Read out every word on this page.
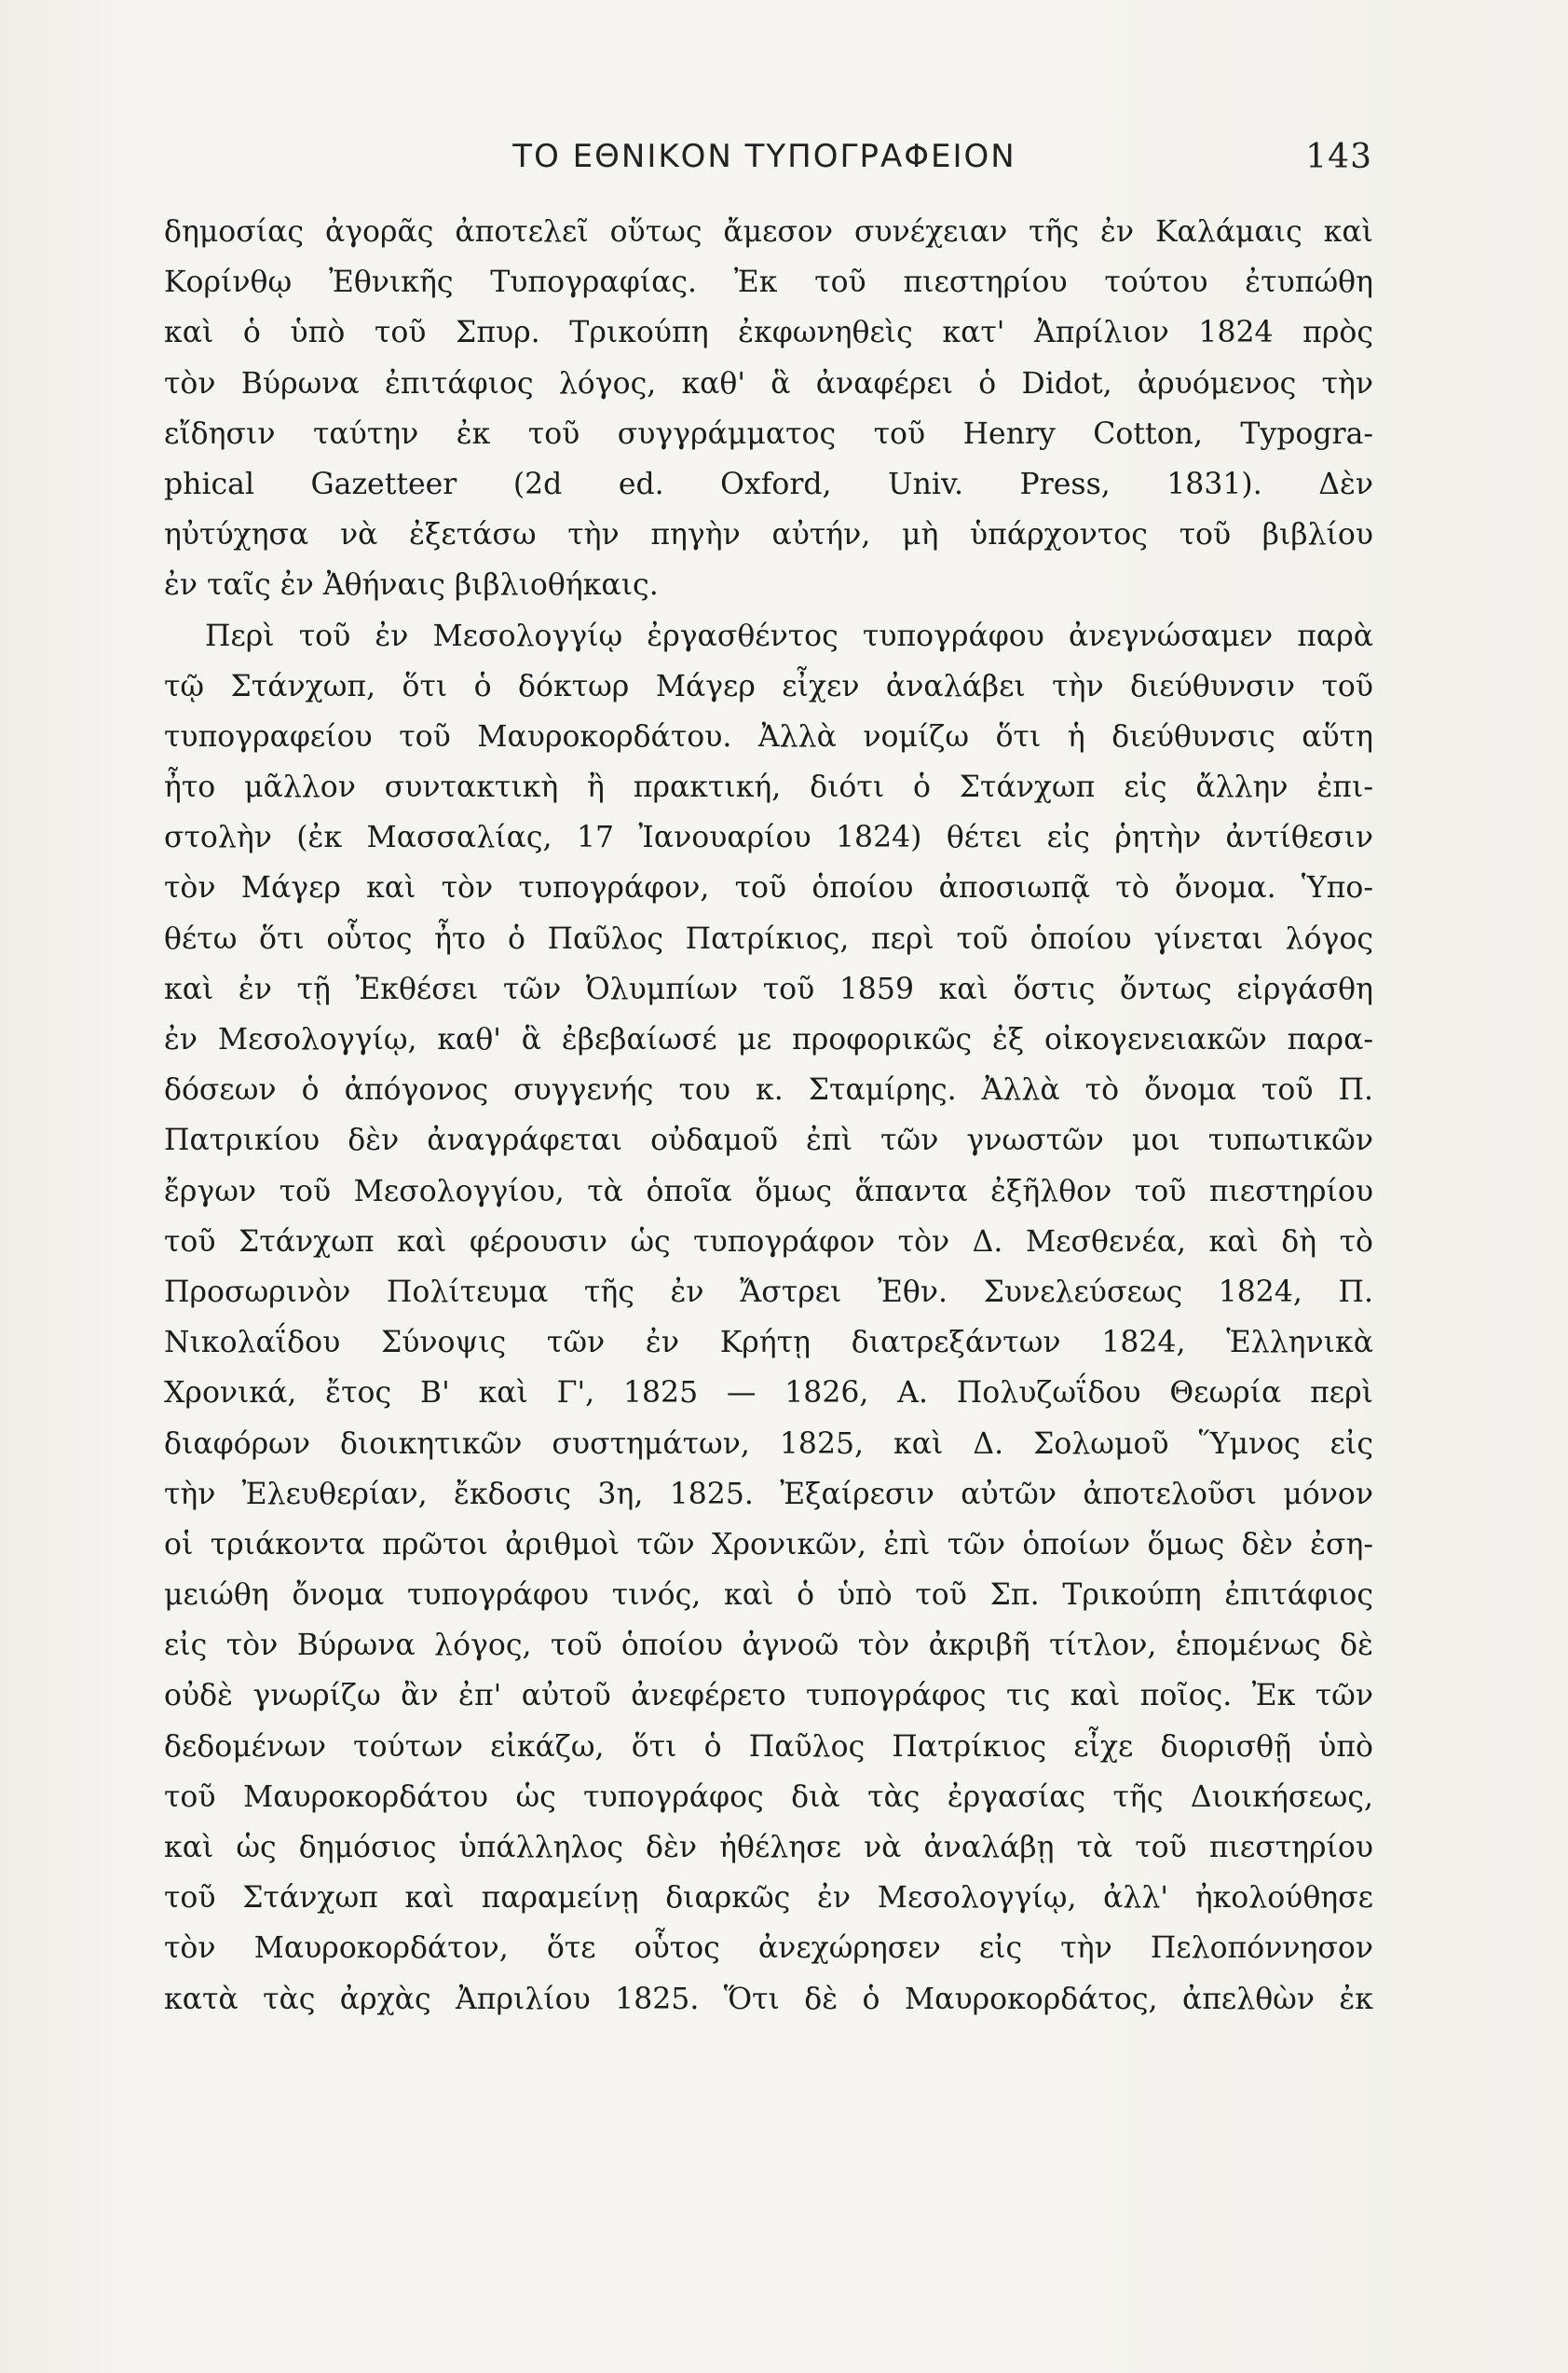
ΤΟ ΕΘΝΙΚΟΝ ΤΥΠΟΓΡΑΦΕΙΟΝ	143
δημοσίας ἀγορᾶς ἀποτελεῖ οὕτως ἄμεσον συνέχειαν τῆς ἐν Καλάμαις καὶ
Κορίνθῳ Ἐθνικῆς Τυπογραφίας. Ἐκ τοῦ πιεστηρίου τούτου ἐτυπώθη
καὶ ὁ ὑπὸ τοῦ Σπυρ. Τρικούπη ἐκφωνηθεὶς κατ' Ἀπρίλιον 1824 πρὸς
τὸν Βύρωνα ἐπιτάφιος λόγος, καθ' ἃ ἀναφέρει ὁ Didot, ἀρυόμενος τὴν
εἴδησιν ταύτην ἐκ τοῦ συγγράμματος τοῦ Henry Cotton, Typogra-
phical Gazetteer (2d ed. Oxford, Univ. Press, 1831). Δὲν
ηὐτύχησα νὰ ἐξετάσω τὴν πηγὴν αὐτήν, μὴ ὑπάρχοντος τοῦ βιβλίου
ἐν ταῖς ἐν Ἀθήναις βιβλιοθήκαις.
Περὶ τοῦ ἐν Μεσολογγίῳ ἐργασθέντος τυπογράφου ἀνεγνώσαμεν παρὰ
τῷ Στάνχωπ, ὅτι ὁ δόκτωρ Μάγερ εἶχεν ἀναλάβει τὴν διεύθυνσιν τοῦ
τυπογραφείου τοῦ Μαυροκορδάτου. Ἀλλὰ νομίζω ὅτι ἡ διεύθυνσις αὕτη
ἦτο μᾶλλον συντακτικὴ ἢ πρακτική, διότι ὁ Στάνχωπ εἰς ἄλλην ἐπι-
στολὴν (ἐκ Μασσαλίας, 17 Ἰανουαρίου 1824) θέτει εἰς ῥητὴν ἀντίθεσιν
τὸν Μάγερ καὶ τὸν τυπογράφον, τοῦ ὁποίου ἀποσιωπᾷ τὸ ὄνομα. Ὑπο-
θέτω ὅτι οὗτος ἦτο ὁ Παῦλος Πατρίκιος, περὶ τοῦ ὁποίου γίνεται λόγος
καὶ ἐν τῇ Ἐκθέσει τῶν Ὀλυμπίων τοῦ 1859 καὶ ὅστις ὄντως εἰργάσθη
ἐν Μεσολογγίῳ, καθ' ἃ ἐβεβαίωσέ με προφορικῶς ἐξ οἰκογενειακῶν παρα-
δόσεων ὁ ἀπόγονος συγγενής του κ. Σταμίρης. Ἀλλὰ τὸ ὄνομα τοῦ Π.
Πατρικίου δὲν ἀναγράφεται οὐδαμοῦ ἐπὶ τῶν γνωστῶν μοι τυπωτικῶν
ἔργων τοῦ Μεσολογγίου, τὰ ὁποῖα ὅμως ἅπαντα ἐξῆλθον τοῦ πιεστηρίου
τοῦ Στάνχωπ καὶ φέρουσιν ὡς τυπογράφον τὸν Δ. Μεσθενέα, καὶ δὴ τὸ
Προσωρινὸν Πολίτευμα τῆς ἐν Ἄστρει Ἐθν. Συνελεύσεως 1824, Π.
Νικολαΐδου Σύνοψις τῶν ἐν Κρήτῃ διατρεξάντων 1824, Ἑλληνικὰ
Χρονικά, ἔτος Β' καὶ Γ', 1825 — 1826, Α. Πολυζωΐδου Θεωρία περὶ
διαφόρων διοικητικῶν συστημάτων, 1825, καὶ Δ. Σολωμοῦ Ὕμνος εἰς
τὴν Ἐλευθερίαν, ἔκδοσις 3η, 1825. Ἐξαίρεσιν αὐτῶν ἀποτελοῦσι μόνον
οἱ τριάκοντα πρῶτοι ἀριθμοὶ τῶν Χρονικῶν, ἐπὶ τῶν ὁποίων ὅμως δὲν ἐση-
μειώθη ὄνομα τυπογράφου τινός, καὶ ὁ ὑπὸ τοῦ Σπ. Τρικούπη ἐπιτάφιος
εἰς τὸν Βύρωνα λόγος, τοῦ ὁποίου ἀγνοῶ τὸν ἀκριβῆ τίτλον, ἑπομένως δὲ
οὐδὲ γνωρίζω ἂν ἐπ' αὐτοῦ ἀνεφέρετο τυπογράφος τις καὶ ποῖος. Ἐκ τῶν
δεδομένων τούτων εἰκάζω, ὅτι ὁ Παῦλος Πατρίκιος εἶχε διορισθῇ ὑπὸ
τοῦ Μαυροκορδάτου ὡς τυπογράφος διὰ τὰς ἐργασίας τῆς Διοικήσεως,
καὶ ὡς δημόσιος ὑπάλληλος δὲν ἠθέλησε νὰ ἀναλάβῃ τὰ τοῦ πιεστηρίου
τοῦ Στάνχωπ καὶ παραμείνῃ διαρκῶς ἐν Μεσολογγίῳ, ἀλλ' ἠκολούθησε
τὸν Μαυροκορδάτον, ὅτε οὗτος ἀνεχώρησεν εἰς τὴν Πελοπόννησον
κατὰ τὰς ἀρχὰς Ἀπριλίου 1825. Ὅτι δὲ ὁ Μαυροκορδάτος, ἀπελθὼν ἐκ
